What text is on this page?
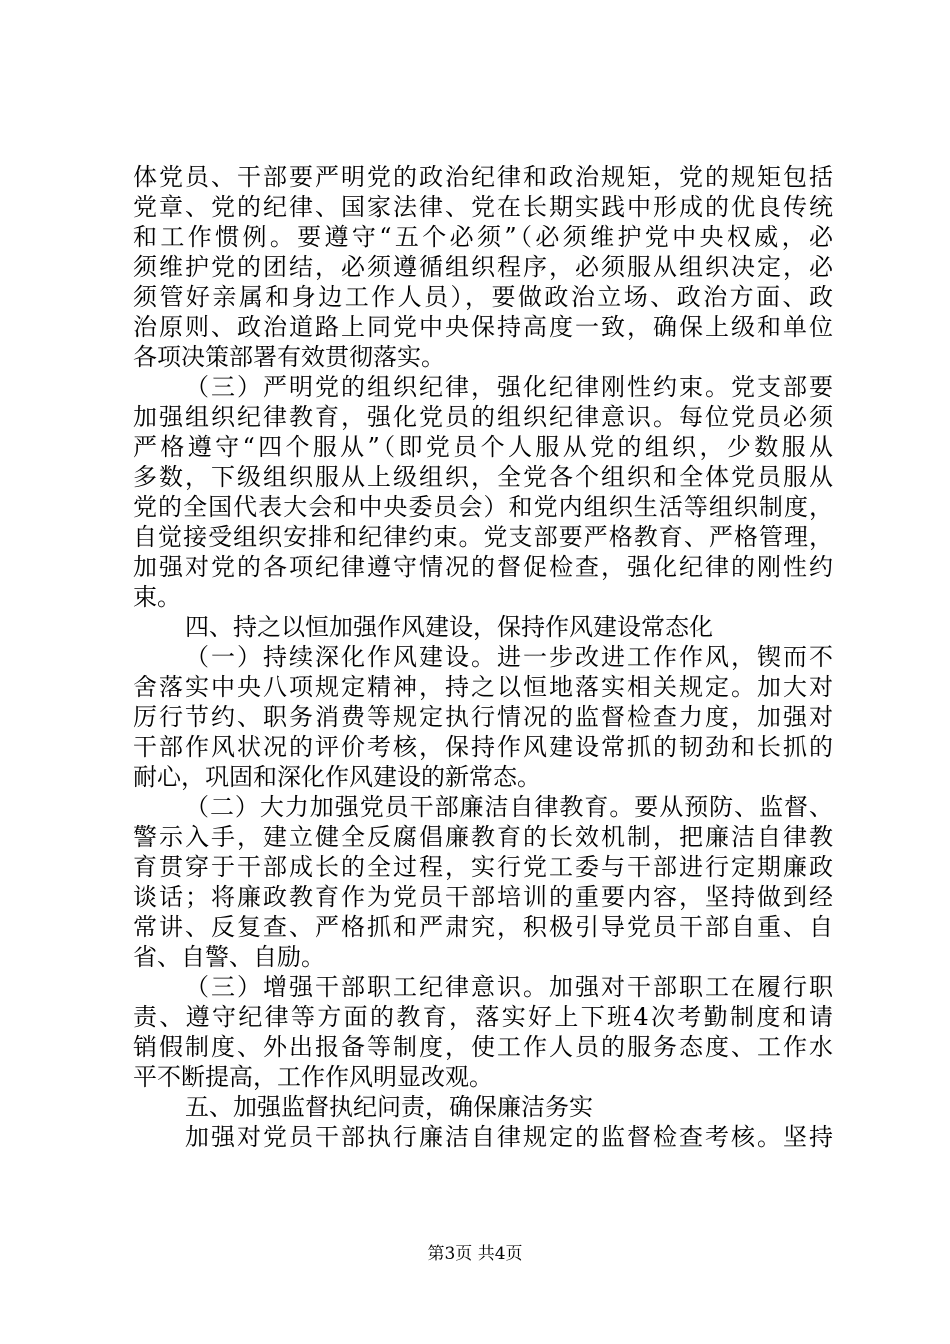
体党员、干部要严明党的政治纪律和政治规矩，党的规矩包括
党章、党的纪律、国家法律、党在长期实践中形成的优良传统
和工作惯例。要遵守“五个必须”（必须维护党中央权威，必
须维护党的团结，必须遵循组织程序，必须服从组织决定，必
须管好亲属和身边工作人员），要做政治立场、政治方面、政
治原则、政治道路上同党中央保持高度一致，确保上级和单位
各项决策部署有效贯彻落实。
（三）严明党的组织纪律，强化纪律刚性约束。党支部要
加强组织纪律教育，强化党员的组织纪律意识。每位党员必须
严格遵守“四个服从”（即党员个人服从党的组织，少数服从
多数，下级组织服从上级组织，全党各个组织和全体党员服从
党的全国代表大会和中央委员会）和党内组织生活等组织制度，
自觉接受组织安排和纪律约束。党支部要严格教育、严格管理，
加强对党的各项纪律遵守情况的督促检查，强化纪律的刚性约
束。
四、持之以恒加强作风建设，保持作风建设常态化
（一）持续深化作风建设。进一步改进工作作风，锲而不
舍落实中央八项规定精神，持之以恒地落实相关规定。加大对
厉行节约、职务消费等规定执行情况的监督检查力度，加强对
干部作风状况的评价考核，保持作风建设常抓的韧劲和长抓的
耐心，巩固和深化作风建设的新常态。
（二）大力加强党员干部廉洁自律教育。要从预防、监督、
警示入手，建立健全反腐倡廉教育的长效机制，把廉洁自律教
育贯穿于干部成长的全过程，实行党工委与干部进行定期廉政
谈话；将廉政教育作为党员干部培训的重要内容，坚持做到经
常讲、反复查、严格抓和严肃究，积极引导党员干部自重、自
省、自警、自励。
（三）增强干部职工纪律意识。加强对干部职工在履行职
责、遵守纪律等方面的教育，落实好上下班4次考勤制度和请
销假制度、外出报备等制度，使工作人员的服务态度、工作水
平不断提高，工作作风明显改观。
五、加强监督执纪问责，确保廉洁务实
加强对党员干部执行廉洁自律规定的监督检查考核。坚持
第3页 共4页
